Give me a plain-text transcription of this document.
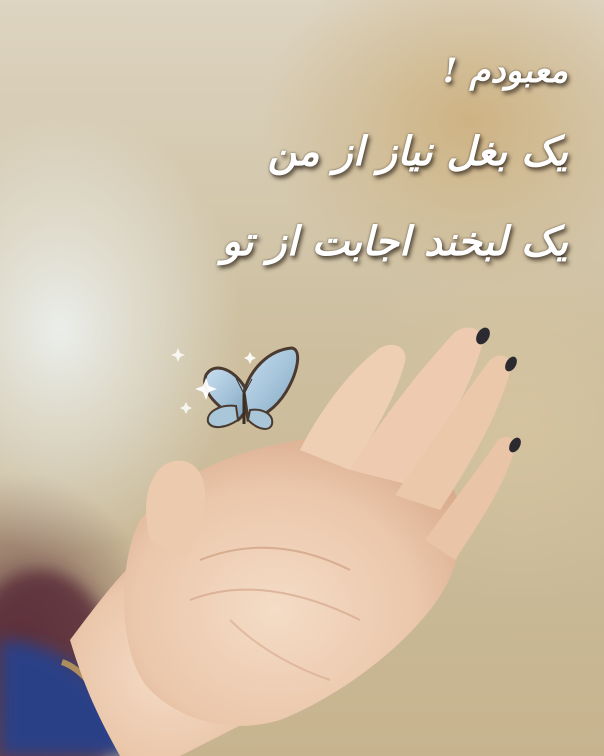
معبودم !

یک بغل نیاز از من

یک لبخند اجابت از تو
